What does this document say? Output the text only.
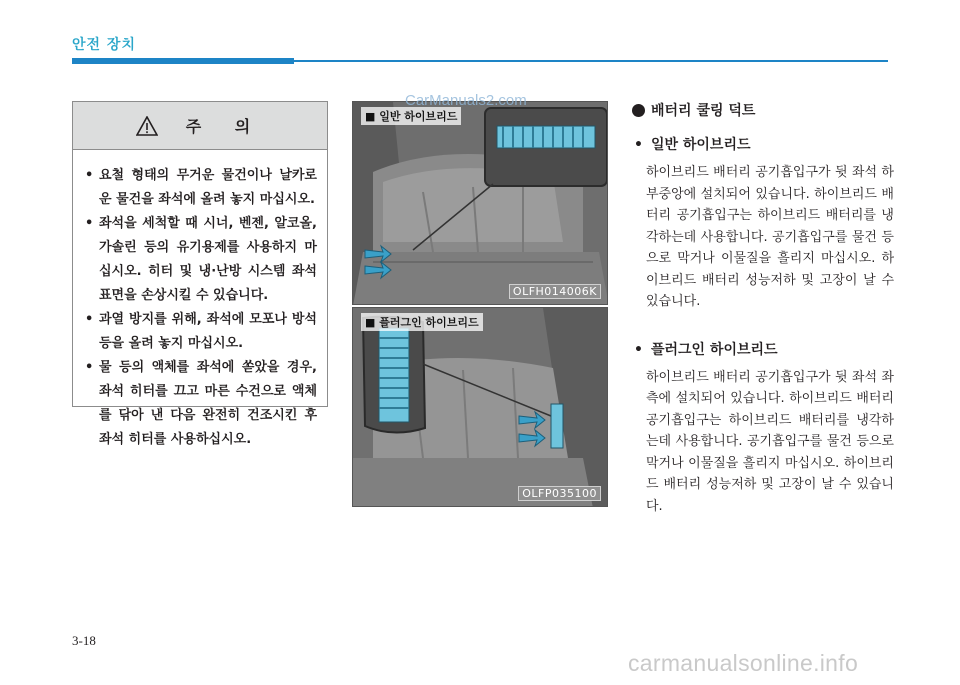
안전 장치
주 의
• 요철 형태의 무거운 물건이나 날카로운 물건을 좌석에 올려 놓지 마십시오.
• 좌석을 세척할 때 시너, 벤젠, 알코올, 가솔린 등의 유기용제를 사용하지 마십시오. 히터 및 냉·난방 시스템 좌석 표면을 손상시킬 수 있습니다.
• 과열 방지를 위해, 좌석에 모포나 방석 등을 올려 놓지 마십시오.
• 물 등의 액체를 좌석에 쏟았을 경우, 좌석 히터를 끄고 마른 수건으로 액체를 닦아 낸 다음 완전히 건조시킨 후 좌석 히터를 사용하십시오.
■ 일반 하이브리드
OLFH014006K
■ 플러그인 하이브리드
OLFP035100
CarManuals2.com
배터리 쿨링 덕트
• 일반 하이브리드
하이브리드 배터리 공기흡입구가 뒷 좌석 하부중앙에 설치되어 있습니다. 하이브리드 배터리 공기흡입구는 하이브리드 배터리를 냉각하는데 사용합니다. 공기흡입구를 물건 등으로 막거나 이물질을 흘리지 마십시오. 하이브리드 배터리 성능저하 및 고장이 날 수 있습니다.
• 플러그인 하이브리드
하이브리드 배터리 공기흡입구가 뒷 좌석 좌측에 설치되어 있습니다. 하이브리드 배터리 공기흡입구는 하이브리드 배터리를 냉각하는데 사용합니다. 공기흡입구를 물건 등으로 막거나 이물질을 흘리지 마십시오. 하이브리드 배터리 성능저하 및 고장이 날 수 있습니다.
3-18
carmanualsonline.info
